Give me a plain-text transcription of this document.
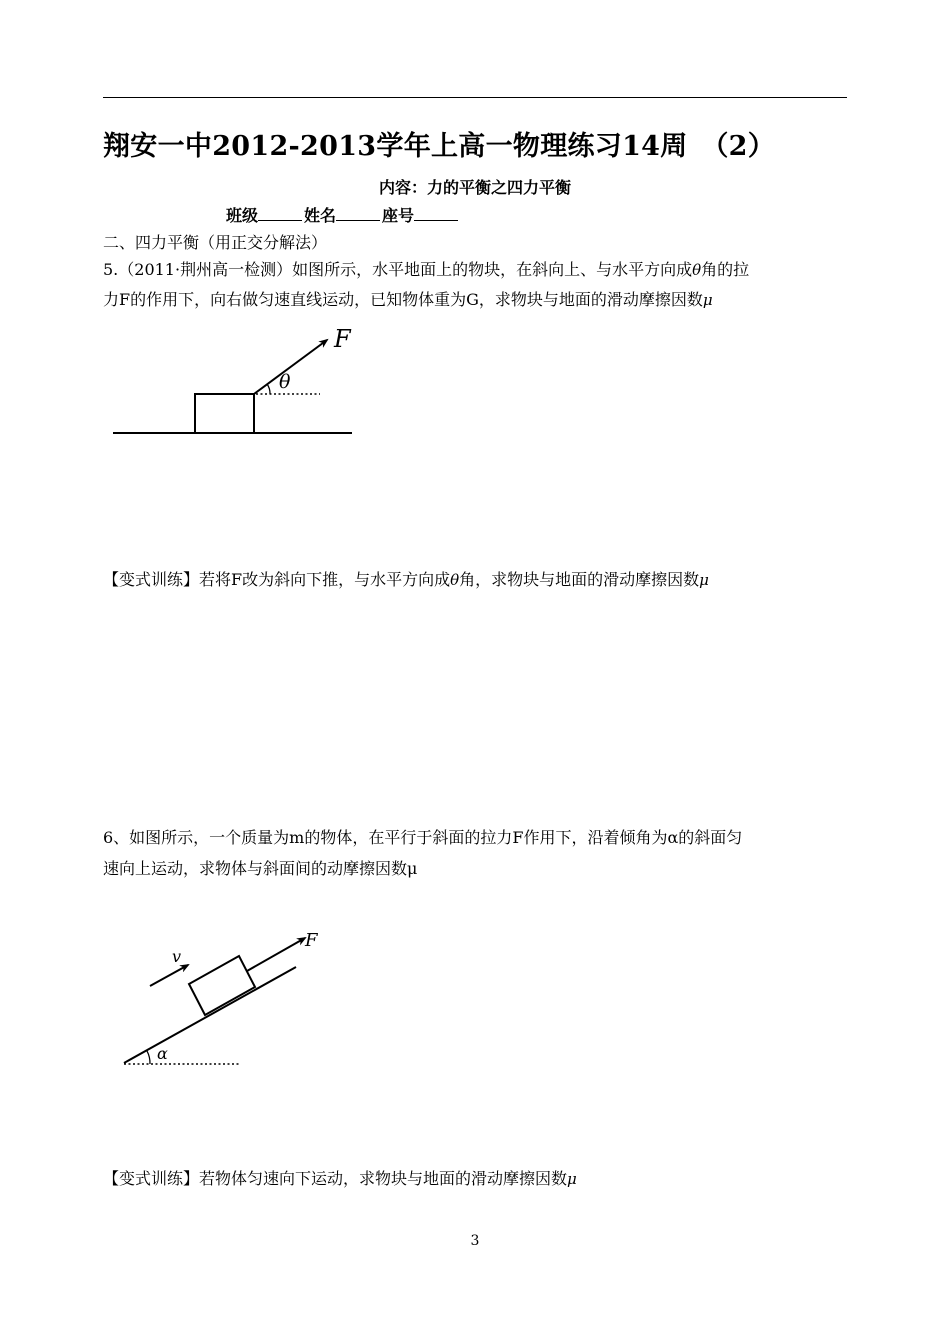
翔安一中2012-2013学年上高一物理练习14周　（2）
内容：力的平衡之四力平衡
班级	姓名	座号
二、四力平衡（用正交分解法）
5.（2011·荆州高一检测）如图所示，水平地面上的物块，在斜向上、与水平方向成θ角的拉
力F的作用下，向右做匀速直线运动，已知物体重为G，求物块与地面的滑动摩擦因数μ
【变式训练】若将F改为斜向下推，与水平方向成θ角，求物块与地面的滑动摩擦因数μ
6、如图所示，一个质量为m的物体，在平行于斜面的拉力F作用下，沿着倾角为α的斜面匀
速向上运动，求物体与斜面间的动摩擦因数μ
【变式训练】若物体匀速向下运动，求物块与地面的滑动摩擦因数μ
3
F
θ
F
v
α
